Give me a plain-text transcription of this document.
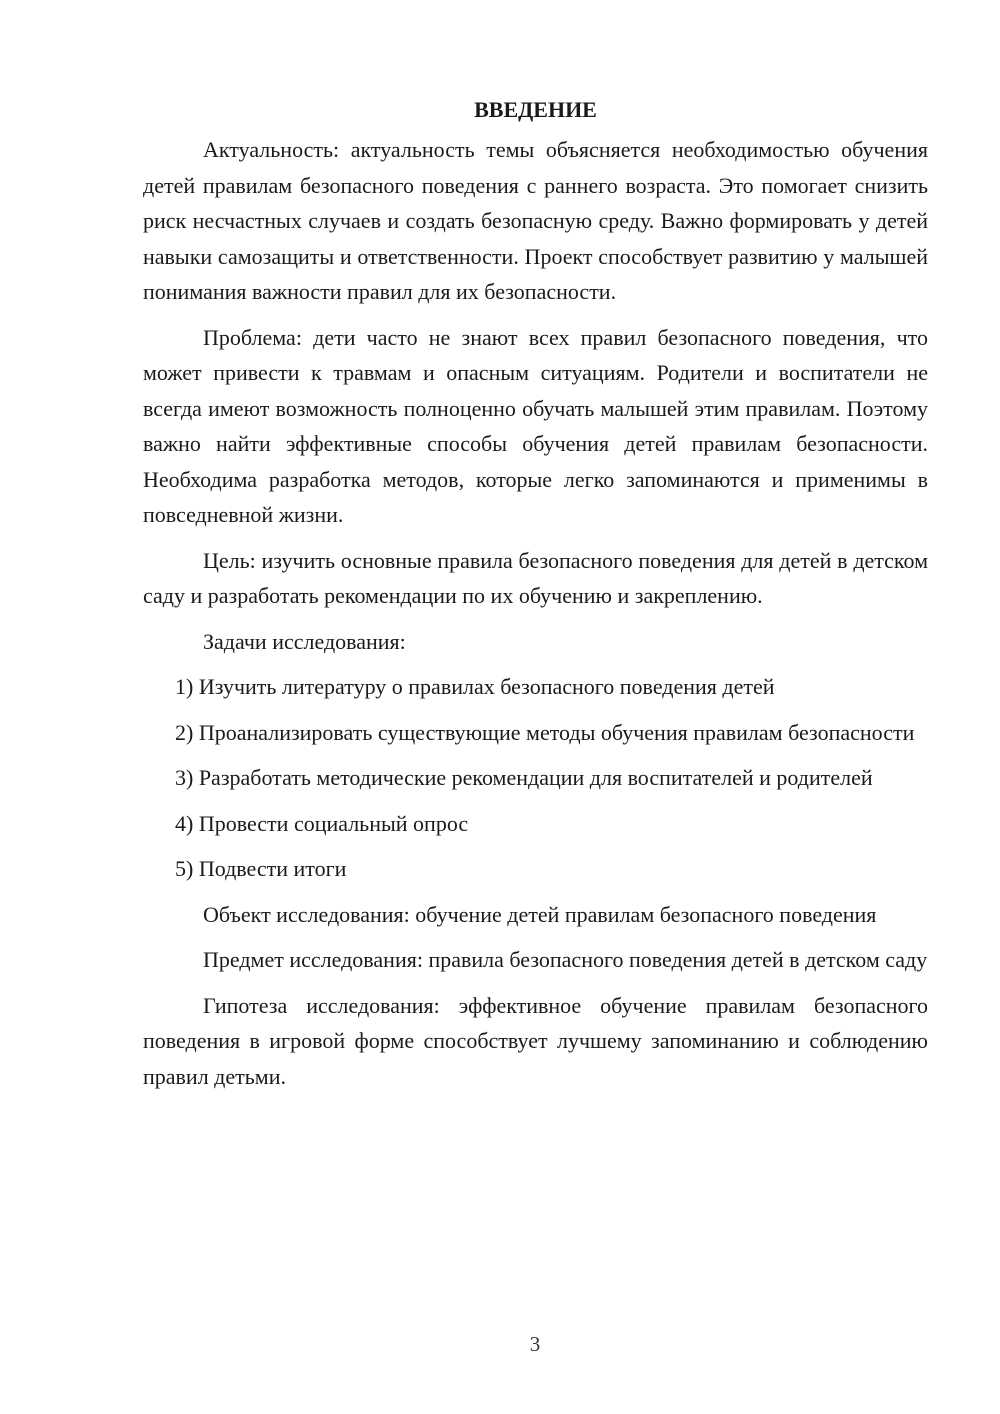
ВВЕДЕНИЕ

Актуальность: актуальность темы объясняется необходимостью обучения детей правилам безопасного поведения с раннего возраста. Это помогает снизить риск несчастных случаев и создать безопасную среду. Важно формировать у детей навыки самозащиты и ответственности. Проект способствует развитию у малышей понимания важности правил для их безопасности.

Проблема: дети часто не знают всех правил безопасного поведения, что может привести к травмам и опасным ситуациям. Родители и воспитатели не всегда имеют возможность полноценно обучать малышей этим правилам. Поэтому важно найти эффективные способы обучения детей правилам безопасности. Необходима разработка методов, которые легко запоминаются и применимы в повседневной жизни.

Цель: изучить основные правила безопасного поведения для детей в детском саду и разработать рекомендации по их обучению и закреплению.

Задачи исследования:

1) Изучить литературу о правилах безопасного поведения детей

2) Проанализировать существующие методы обучения правилам безопасности

3) Разработать методические рекомендации для воспитателей и родителей

4) Провести социальный опрос

5) Подвести итоги

Объект исследования: обучение детей правилам безопасного поведения

Предмет исследования: правила безопасного поведения детей в детском саду

Гипотеза исследования: эффективное обучение правилам безопасного поведения в игровой форме способствует лучшему запоминанию и соблюдению правил детьми.

3
